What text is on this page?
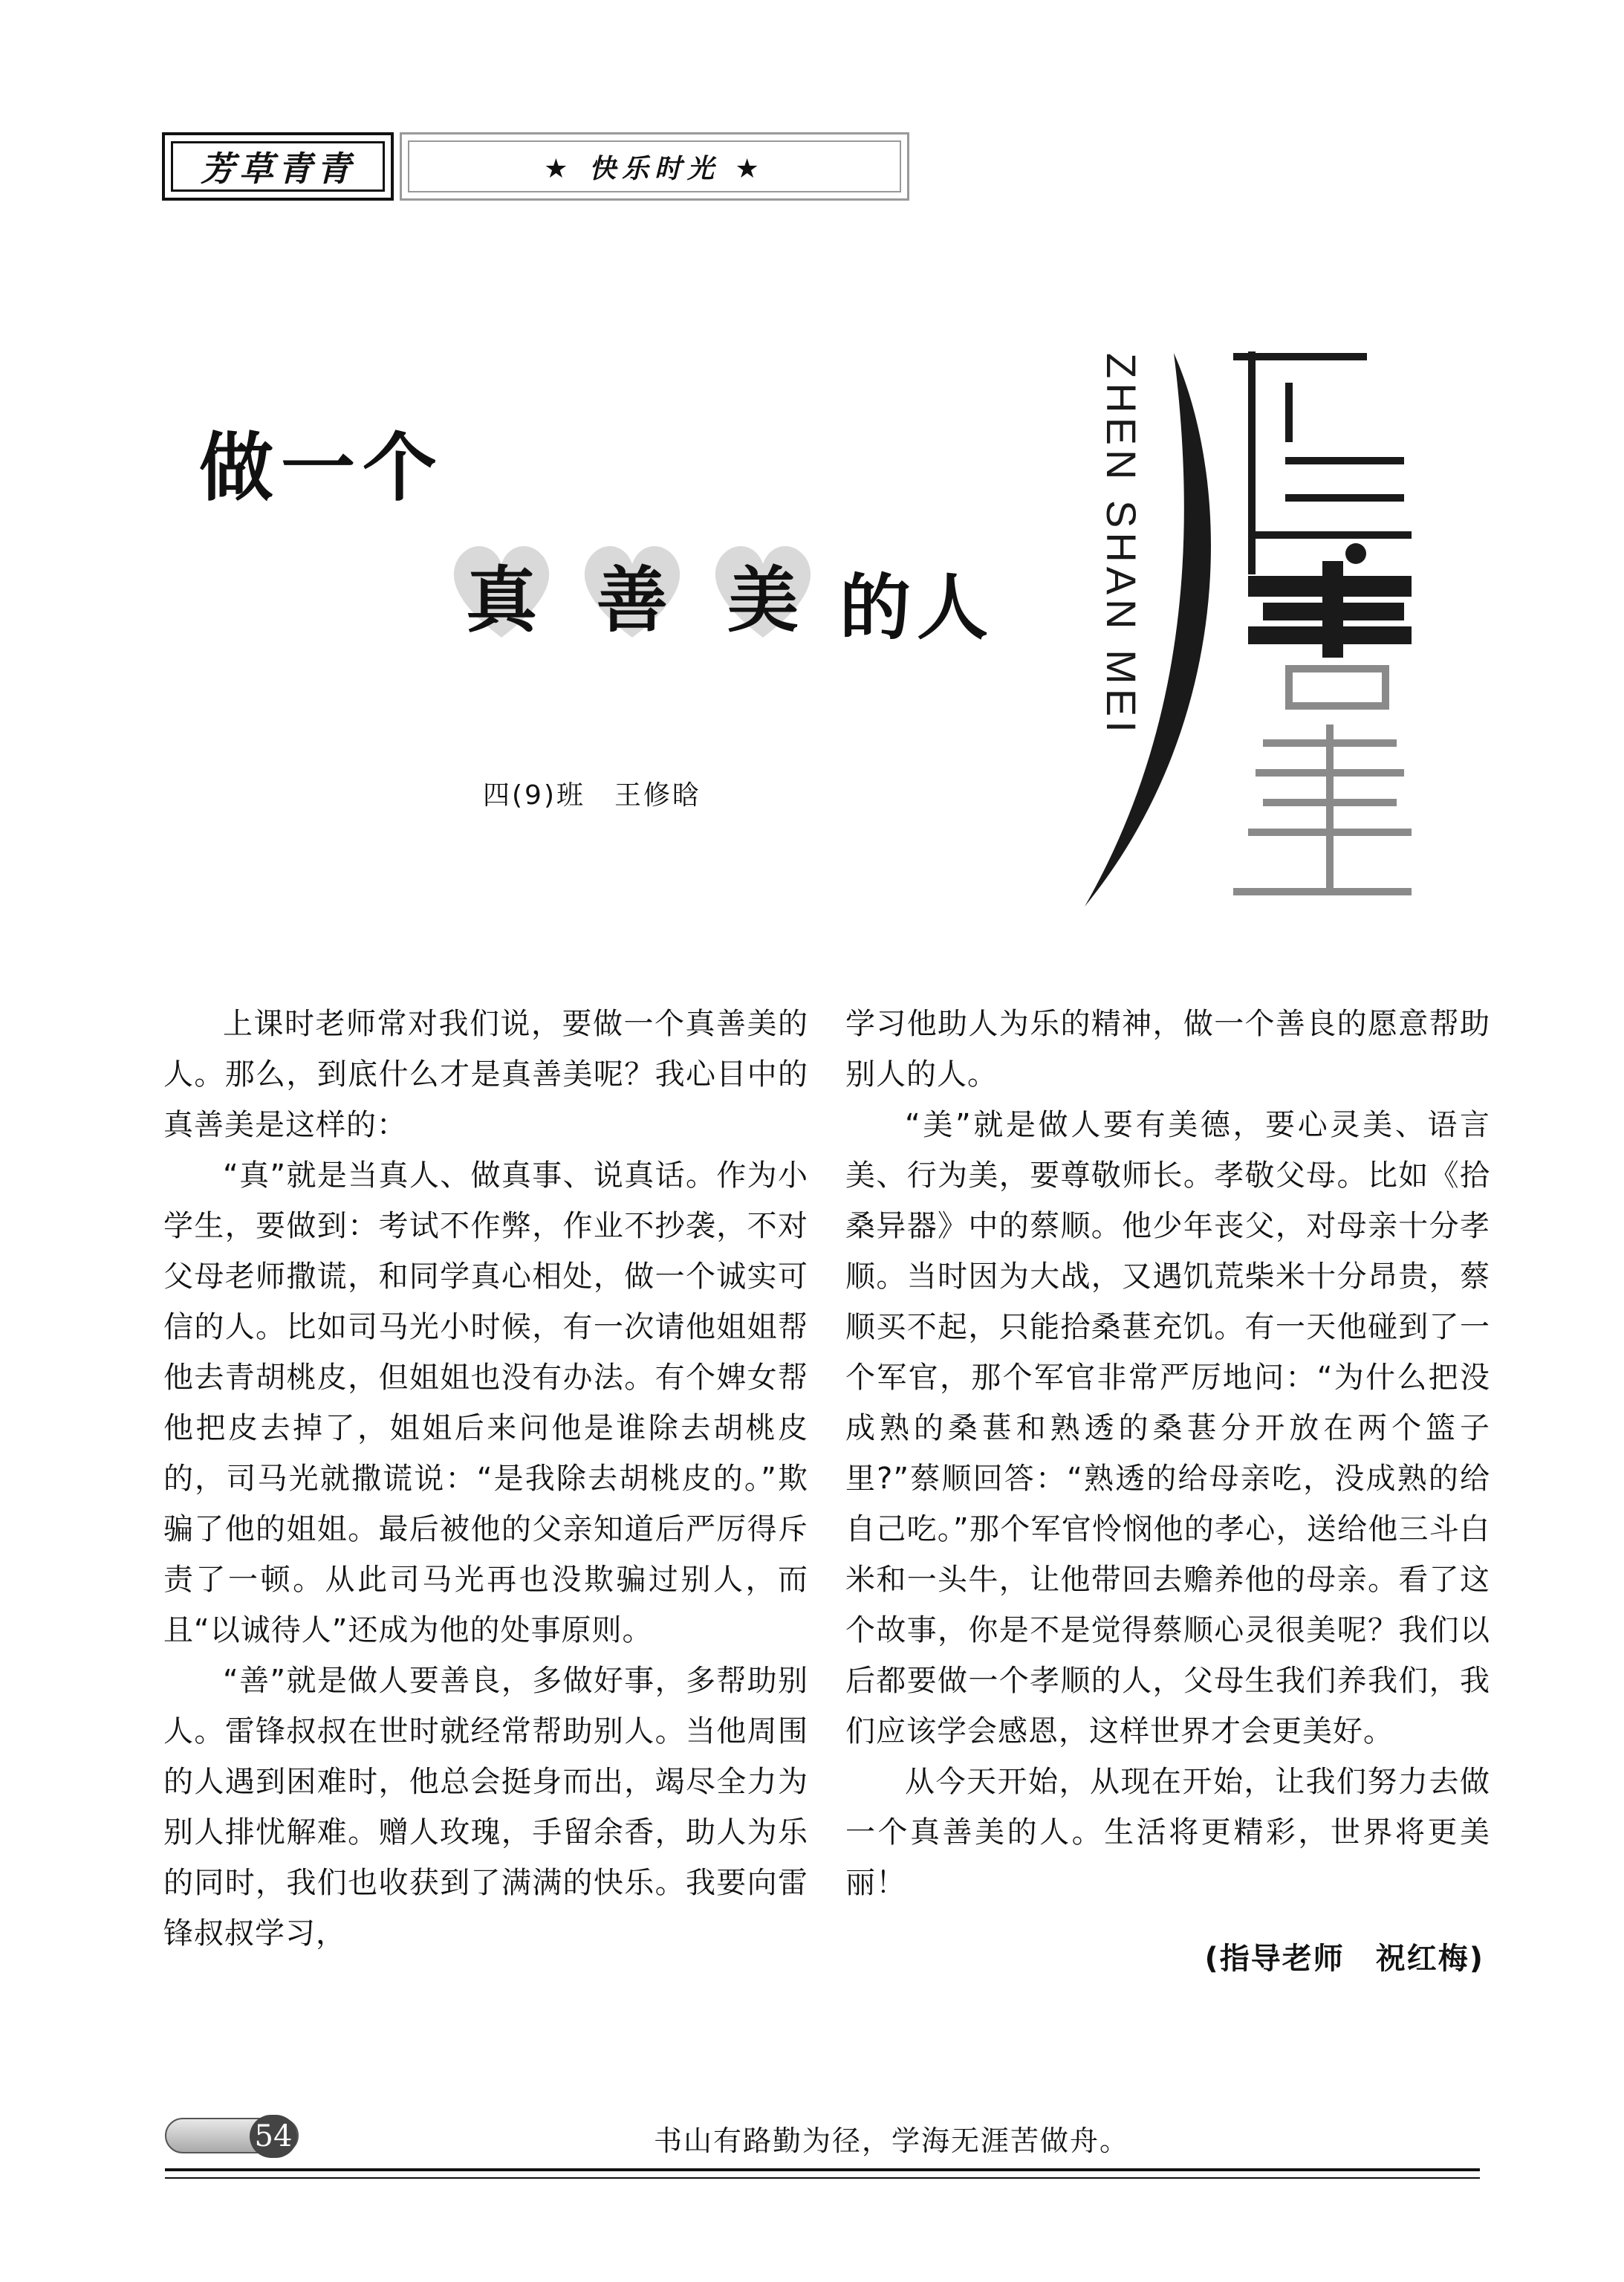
芳草青青	★ 快乐时光 ★
做一个
真 善 美 的人	ZHEN SHAN MEI
四(9)班　王修晗

上课时老师常对我们说，要做一个真善美的人。那么，到底什么才是真善美呢？我心目中的真善美是这样的：

“真”就是当真人、做真事、说真话。作为小学生，要做到：考试不作弊，作业不抄袭，不对父母老师撒谎，和同学真心相处，做一个诚实可信的人。比如司马光小时候，有一次请他姐姐帮他去青胡桃皮，但姐姐也没有办法。有个婢女帮他把皮去掉了，姐姐后来问他是谁除去胡桃皮的，司马光就撒谎说：“是我除去胡桃皮的。”欺骗了他的姐姐。最后被他的父亲知道后严厉得斥责了一顿。从此司马光再也没欺骗过别人，而且“以诚待人”还成为他的处事原则。

“善”就是做人要善良，多做好事，多帮助别人。雷锋叔叔在世时就经常帮助别人。当他周围的人遇到困难时，他总会挺身而出，竭尽全力为别人排忧解难。赠人玫瑰，手留余香，助人为乐的同时，我们也收获到了满满的快乐。我要向雷锋叔叔学习，

学习他助人为乐的精神，做一个善良的愿意帮助别人的人。

“美”就是做人要有美德，要心灵美、语言美、行为美，要尊敬师长。孝敬父母。比如《拾桑异器》中的蔡顺。他少年丧父，对母亲十分孝顺。当时因为大战，又遇饥荒柴米十分昂贵，蔡顺买不起，只能拾桑葚充饥。有一天他碰到了一个军官，那个军官非常严厉地问：“为什么把没成熟的桑葚和熟透的桑葚分开放在两个篮子里?”蔡顺回答：“熟透的给母亲吃，没成熟的给自己吃。”那个军官怜悯他的孝心，送给他三斗白米和一头牛，让他带回去赡养他的母亲。看了这个故事，你是不是觉得蔡顺心灵很美呢？我们以后都要做一个孝顺的人，父母生我们养我们，我们应该学会感恩，这样世界才会更美好。

从今天开始，从现在开始，让我们努力去做一个真善美的人。生活将更精彩，世界将更美丽！

(指导老师　祝红梅)
54	书山有路勤为径，学海无涯苦做舟。
